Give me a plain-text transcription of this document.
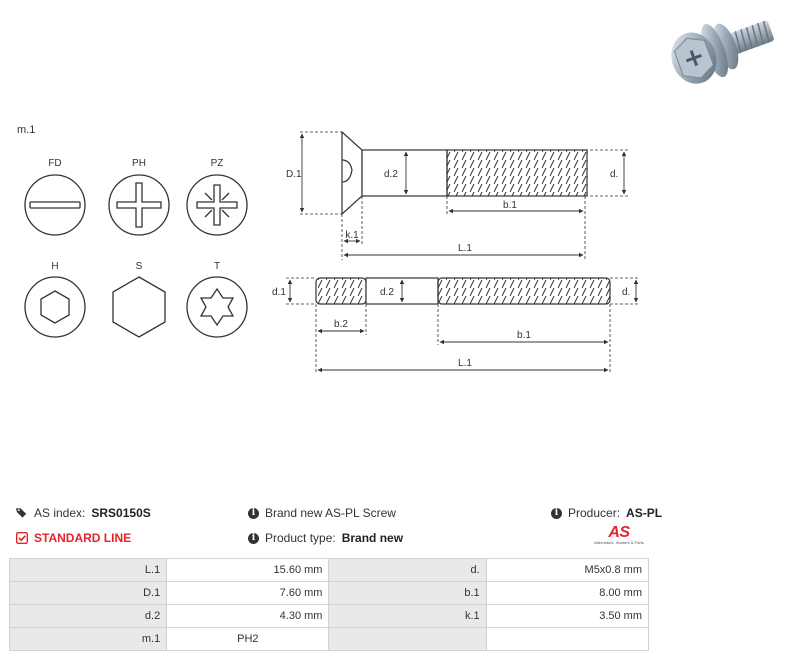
m.1
FD	PH	PZ
H	S	T
D.1	d.2	d.
b.1
k.1
L.1
d.1	d.2	d.
b.2
b.1
L.1
AS index: SRS0150S
STANDARD LINE
i Brand new AS-PL Screw
i Product type: Brand new
i Producer: AS-PL
AS
Alternators, Starters & Parts
L.1	15.60 mm	d.	M5x0.8 mm
D.1	7.60 mm	b.1	8.00 mm
d.2	4.30 mm	k.1	3.50 mm
m.1	PH2		
